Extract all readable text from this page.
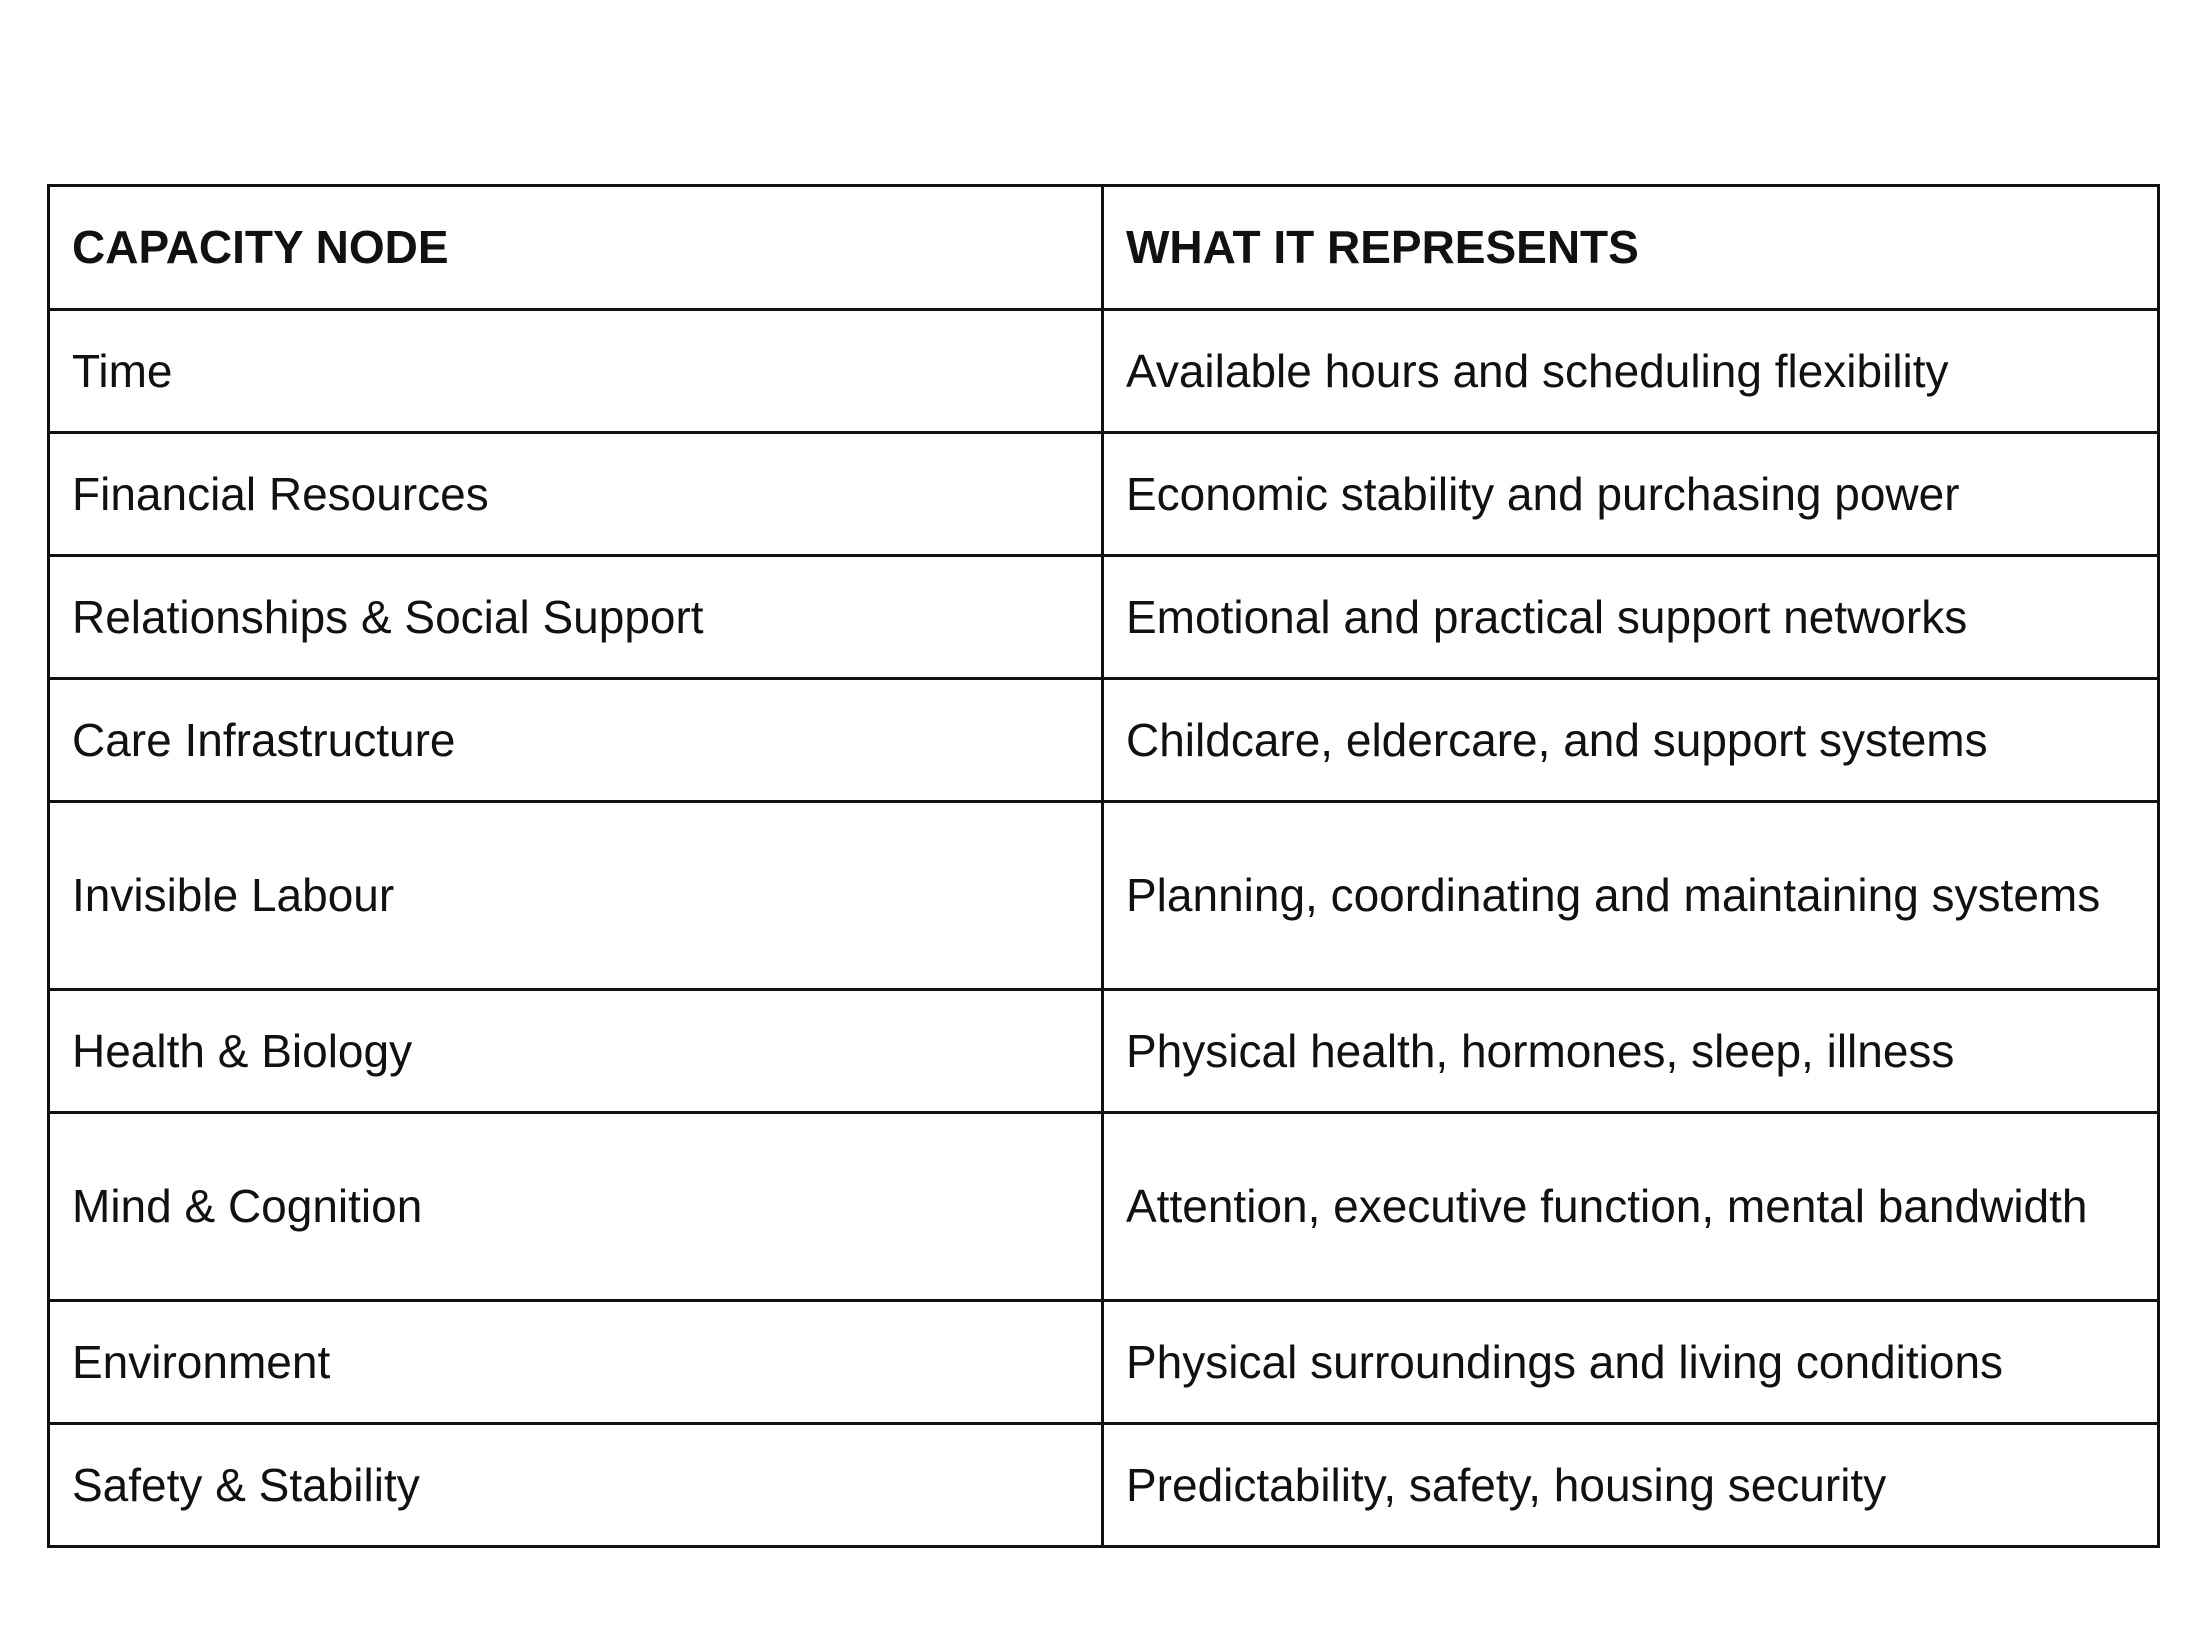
CAPACITY NODE	WHAT IT REPRESENTS
Time	Available hours and scheduling flexibility
Financial Resources	Economic stability and purchasing power
Relationships & Social Support	Emotional and practical support networks
Care Infrastructure	Childcare, eldercare, and support systems
Invisible Labour	Planning, coordinating and maintaining systems
Health & Biology	Physical health, hormones, sleep, illness
Mind & Cognition	Attention, executive function, mental bandwidth
Environment	Physical surroundings and living conditions
Safety & Stability	Predictability, safety, housing security
